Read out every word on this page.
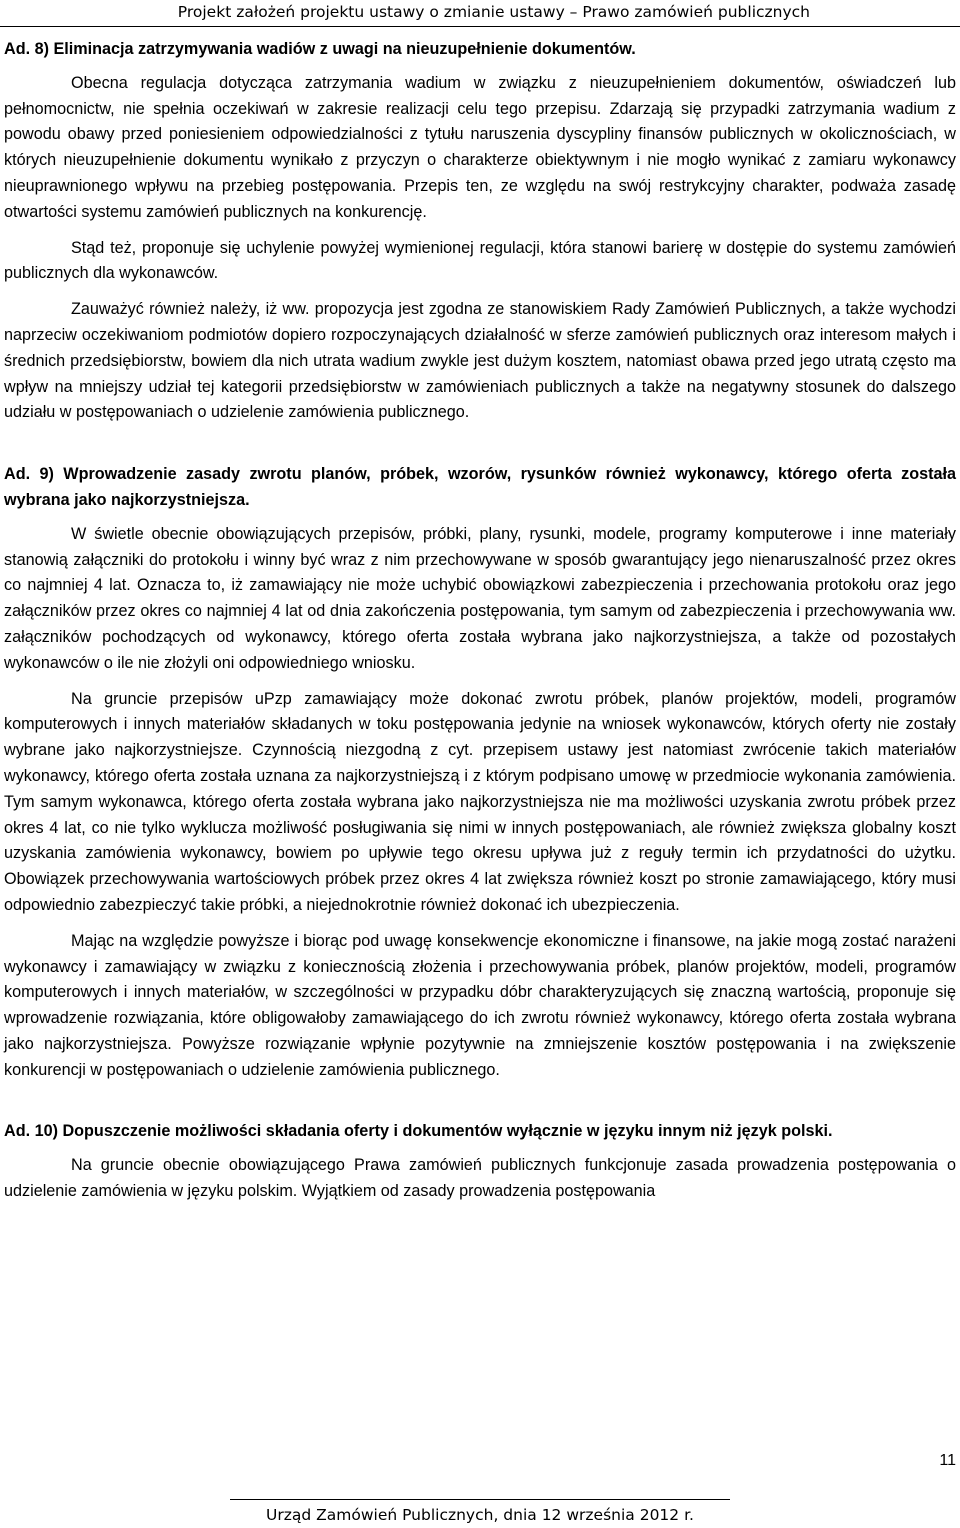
Projekt założeń projektu ustawy o zmianie ustawy – Prawo zamówień publicznych

Ad. 8) Eliminacja zatrzymywania wadiów z uwagi na nieuzupełnienie dokumentów.

Obecna regulacja dotycząca zatrzymania wadium w związku z nieuzupełnieniem dokumentów, oświadczeń lub pełnomocnictw, nie spełnia oczekiwań w zakresie realizacji celu tego przepisu. Zdarzają się przypadki zatrzymania wadium z powodu obawy przed poniesieniem odpowiedzialności z tytułu naruszenia dyscypliny finansów publicznych w okolicznościach, w których nieuzupełnienie dokumentu wynikało z przyczyn o charakterze obiektywnym i nie mogło wynikać z zamiaru wykonawcy nieuprawnionego wpływu na przebieg postępowania. Przepis ten, ze względu na swój restrykcyjny charakter, podważa zasadę otwartości systemu zamówień publicznych na konkurencję.

Stąd też, proponuje się uchylenie powyżej wymienionej regulacji, która stanowi barierę w dostępie do systemu zamówień publicznych dla wykonawców.

Zauważyć również należy, iż ww. propozycja jest zgodna ze stanowiskiem Rady Zamówień Publicznych, a także wychodzi naprzeciw oczekiwaniom podmiotów dopiero rozpoczynających działalność w sferze zamówień publicznych oraz interesom małych i średnich przedsiębiorstw, bowiem dla nich utrata wadium zwykle jest dużym kosztem, natomiast obawa przed jego utratą często ma wpływ na mniejszy udział tej kategorii przedsiębiorstw w zamówieniach publicznych a także na negatywny stosunek do dalszego udziału w postępowaniach o udzielenie zamówienia publicznego.

Ad. 9) Wprowadzenie zasady zwrotu planów, próbek, wzorów, rysunków również wykonawcy, którego oferta została wybrana jako najkorzystniejsza.

W świetle obecnie obowiązujących przepisów, próbki, plany, rysunki, modele, programy komputerowe i inne materiały stanowią załączniki do protokołu i winny być wraz z nim przechowywane w sposób gwarantujący jego nienaruszalność przez okres co najmniej 4 lat. Oznacza to, iż zamawiający nie może uchybić obowiązkowi zabezpieczenia i przechowania protokołu oraz jego załączników przez okres co najmniej 4 lat od dnia zakończenia postępowania, tym samym od zabezpieczenia i przechowywania ww. załączników pochodzących od wykonawcy, którego oferta została wybrana jako najkorzystniejsza, a także od pozostałych wykonawców o ile nie złożyli oni odpowiedniego wniosku.

Na gruncie przepisów uPzp zamawiający może dokonać zwrotu próbek, planów projektów, modeli, programów komputerowych i innych materiałów składanych w toku postępowania jedynie na wniosek wykonawców, których oferty nie zostały wybrane jako najkorzystniejsze. Czynnością niezgodną z cyt. przepisem ustawy jest natomiast zwrócenie takich materiałów wykonawcy, którego oferta została uznana za najkorzystniejszą i z którym podpisano umowę w przedmiocie wykonania zamówienia. Tym samym wykonawca, którego oferta została wybrana jako najkorzystniejsza nie ma możliwości uzyskania zwrotu próbek przez okres 4 lat, co nie tylko wyklucza możliwość posługiwania się nimi w innych postępowaniach, ale również zwiększa globalny koszt uzyskania zamówienia wykonawcy, bowiem po upływie tego okresu upływa już z reguły termin ich przydatności do użytku. Obowiązek przechowywania wartościowych próbek przez okres 4 lat zwiększa również koszt po stronie zamawiającego, który musi odpowiednio zabezpieczyć takie próbki, a niejednokrotnie również dokonać ich ubezpieczenia.

Mając na względzie powyższe i biorąc pod uwagę konsekwencje ekonomiczne i finansowe, na jakie mogą zostać narażeni wykonawcy i zamawiający w związku z koniecznością złożenia i przechowywania próbek, planów projektów, modeli, programów komputerowych i innych materiałów, w szczególności w przypadku dóbr charakteryzujących się znaczną wartością, proponuje się wprowadzenie rozwiązania, które obligowałoby zamawiającego do ich zwrotu również wykonawcy, którego oferta została wybrana jako najkorzystniejsza. Powyższe rozwiązanie wpłynie pozytywnie na zmniejszenie kosztów postępowania i na zwiększenie konkurencji w postępowaniach o udzielenie zamówienia publicznego.

Ad. 10) Dopuszczenie możliwości składania oferty i dokumentów wyłącznie w języku innym niż język polski.

Na gruncie obecnie obowiązującego Prawa zamówień publicznych funkcjonuje zasada prowadzenia postępowania o udzielenie zamówienia w języku polskim. Wyjątkiem od zasady prowadzenia postępowania

11
Urząd Zamówień Publicznych, dnia 12 września 2012 r.
